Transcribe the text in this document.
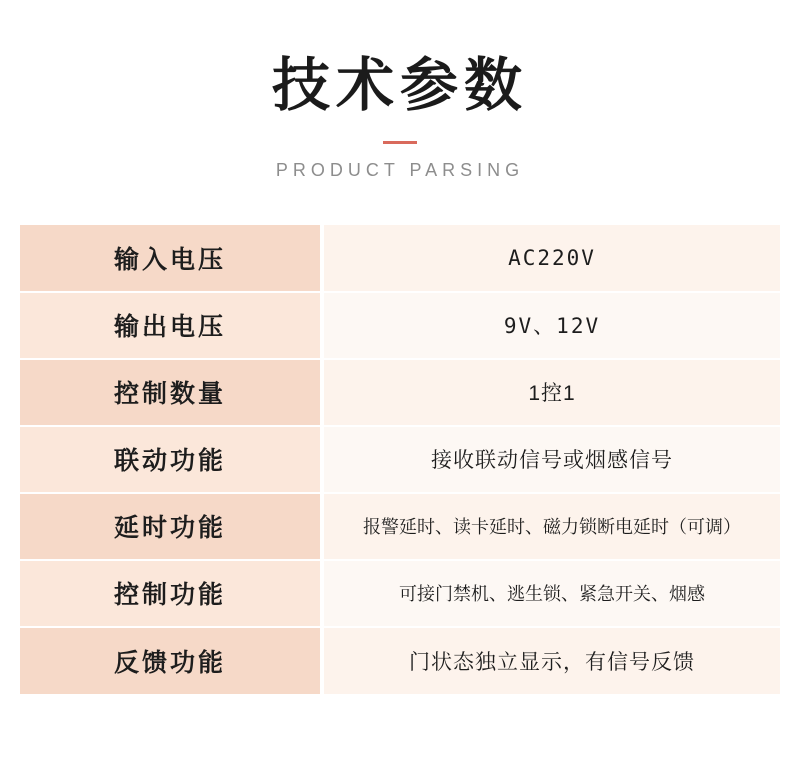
技术参数
PRODUCT PARSING
输入电压	AC220V
输出电压	9V、12V
控制数量	1控1
联动功能	接收联动信号或烟感信号
延时功能	报警延时、读卡延时、磁力锁断电延时（可调）
控制功能	可接门禁机、逃生锁、紧急开关、烟感
反馈功能	门状态独立显示，有信号反馈
